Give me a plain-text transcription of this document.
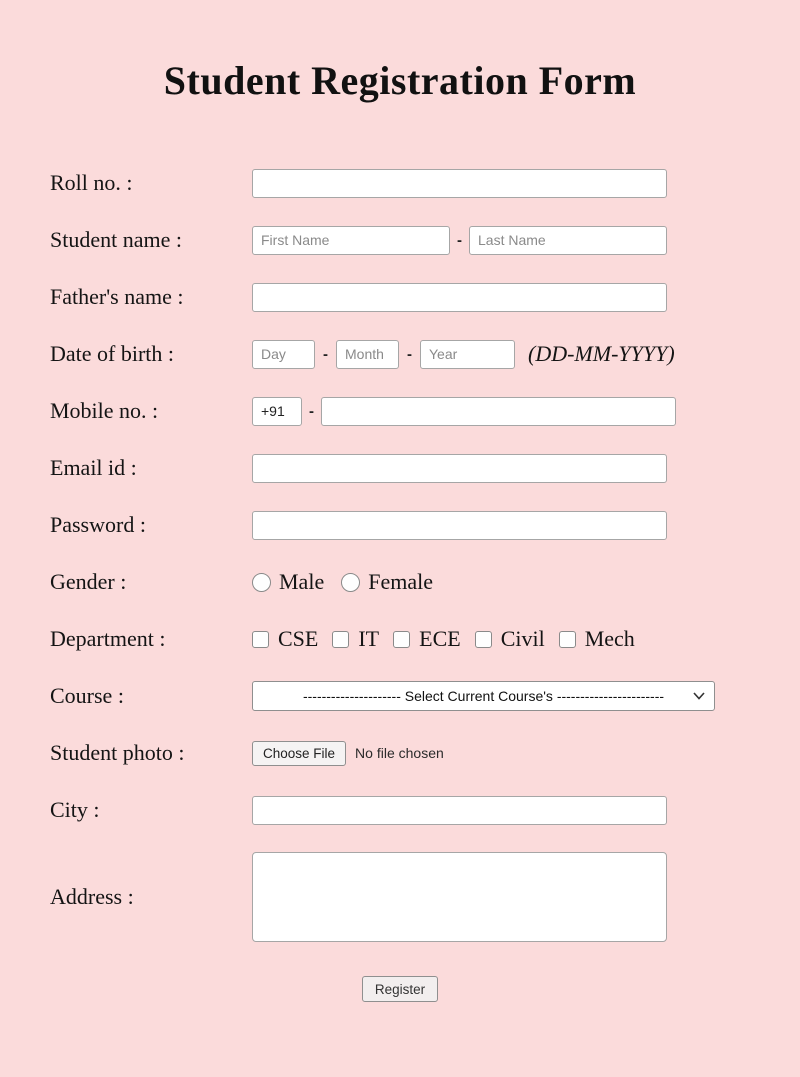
Student Registration Form
Roll no. :
Student name :
First Name	-
Last Name
Father's name :
Date of birth :
Day	-
Month	-
Year	(DD-MM-YYYY)
Mobile no. :
+91	-
Email id :
Password :
Gender :	Male Female
Department :	CSE IT ECE Civil Mech
Course :	--------------------- Select Current Course's -----------------------
Student photo :	Choose File	No file chosen
City :
Address :
Register
